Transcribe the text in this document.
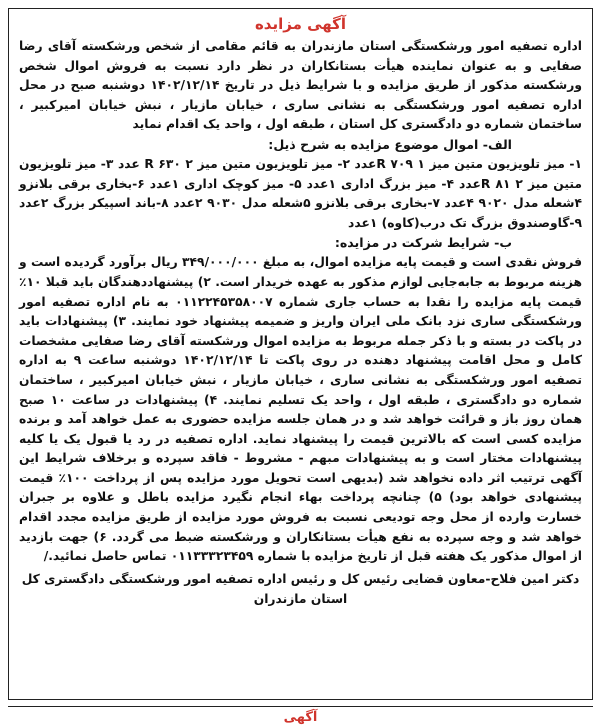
آگهی مزایده

اداره تصفیه امور ورشکستگی استان مازندران به قائم مقامی از شخص ورشکسته آقای رضا صفایی و به عنوان نماینده هیأت بستانکاران در نظر دارد نسبت به فروش اموال شخص ورشکسته مذکور از طریق مزایده و با شرایط ذیل در تاریخ ۱۴۰۲/۱۲/۱۴ دوشنبه صبح در محل اداره تصفیه امور ورشکستگی به نشانی ساری ، خیابان مازیار ، نبش خیابان امیرکبیر ، ساختمان شماره دو دادگستری کل استان ، طبقه اول ، واحد یک اقدام نماید

الف- اموال موضوع مزایده به شرح ذیل:

۱- میز تلویزیون متین میز R ۷۰۹ ۱عدد ۲- میز تلویزیون متین میز R ۶۳۰ ۲ عدد ۳- میز تلویزیون متین میز R ۸۱ ۲عدد ۴- میز بزرگ اداری ۱عدد ۵- میز کوچک اداری ۱عدد ۶-بخاری برقی بلانزو ۴شعله مدل ۹۰۲۰ ۴عدد ۷-بخاری برقی بلانزو ۵شعله مدل ۹۰۳۰ ۲عدد ۸-باند اسپیکر بزرگ ۲عدد ۹-گاوصندوق بزرگ تک درب(کاوه) ۱عدد

ب- شرایط شرکت در مزایده:

فروش نقدی است و قیمت پایه مزایده اموال، به مبلغ ۳۴۹/۰۰۰/۰۰۰ ریال برآورد گردیده است و هزینه مربوط به جابه‌جایی لوازم مذکور به عهده خریدار است. ۲) پیشنهاددهندگان باید قبلا ۱۰٪ قیمت پایه مزایده را نقدا به حساب جاری شماره ۰۱۱۲۲۴۵۳۵۸۰۰۷ به نام اداره تصفیه امور ورشکستگی ساری نزد بانک ملی ایران واریز و ضمیمه پیشنهاد خود نمایند. ۳) پیشنهادات باید در پاکت در بسته و با ذکر جمله مربوط به مزایده اموال ورشکسته آقای رضا صفایی مشخصات کامل و محل اقامت پیشنهاد دهنده در روی پاکت تا ۱۴۰۲/۱۲/۱۴ دوشنبه ساعت ۹ به اداره تصفیه امور ورشکستگی به نشانی ساری ، خیابان مازیار ، نبش خیابان امیرکبیر ، ساختمان شماره دو دادگستری ، طبقه اول ، واحد یک تسلیم نمایند. ۴) پیشنهادات در ساعت ۱۰ صبح همان روز باز و قرائت خواهد شد و در همان جلسه مزایده حضوری به عمل خواهد آمد و برنده مزایده کسی است که بالاترین قیمت را پیشنهاد نماید. اداره تصفیه در رد یا قبول یک یا کلیه پیشنهادات مختار است و به پیشنهادات مبهم - مشروط - فاقد سپرده و برخلاف شرایط این آگهی ترتیب اثر داده نخواهد شد (بدیهی است تحویل مورد مزایده پس از پرداخت ۱۰۰٪ قیمت پیشنهادی خواهد بود) ۵) چنانچه پرداخت بهاء انجام نگیرد مزایده باطل و علاوه بر جبران خسارت وارده از محل وجه تودیعی نسبت به فروش مورد مزایده از طریق مزایده مجدد اقدام خواهد شد و وجه سپرده به نفع هیأت بستانکاران و ورشکسته ضبط می گردد. ۶) جهت بازدید از اموال مذکور یک هفته قبل از تاریخ مزایده با شماره ۰۱۱۳۳۳۲۳۴۵۹ تماس حاصل نمائید./

دکتر امین فلاح-معاون قضایی رئیس کل و رئیس اداره تصفیه امور ورشکستگی دادگستری کل استان مازندران

آگهی
